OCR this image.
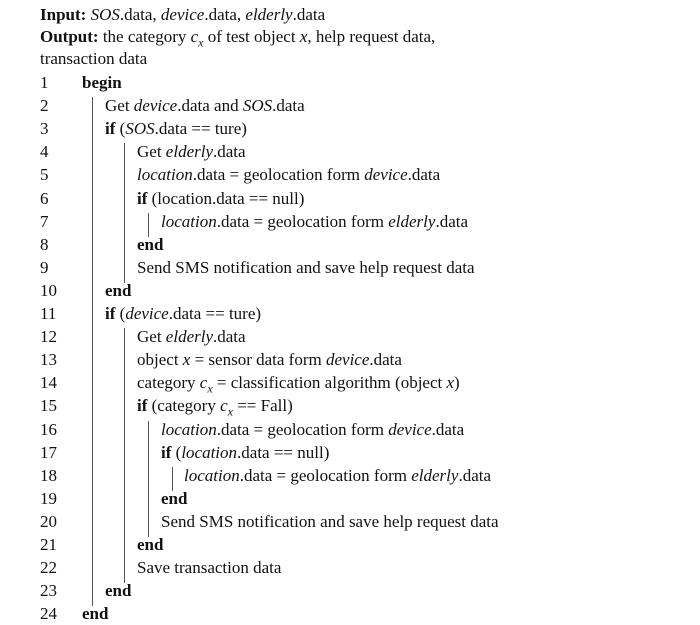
Input: SOS.data, device.data, elderly.data
Output: the category $c_x$ of test object x, help request data,
transaction data
1	begin
2	Get device.data and SOS.data
3	if (SOS.data == ture)
4	Get elderly.data
5	location.data = geolocation form device.data
6	if (location.data == null)
7	location.data = geolocation form elderly.data
8	end
9	Send SMS notification and save help request data
10	end
11	if (device.data == ture)
12	Get elderly.data
13	object x = sensor data form device.data
14	category $c_x$ = classification algorithm (object x)
15	if (category $c_x$ == Fall)
16	location.data = geolocation form device.data
17	if (location.data == null)
18	location.data = geolocation form elderly.data
19	end
20	Send SMS notification and save help request data
21	end
22	Save transaction data
23	end
24	end
